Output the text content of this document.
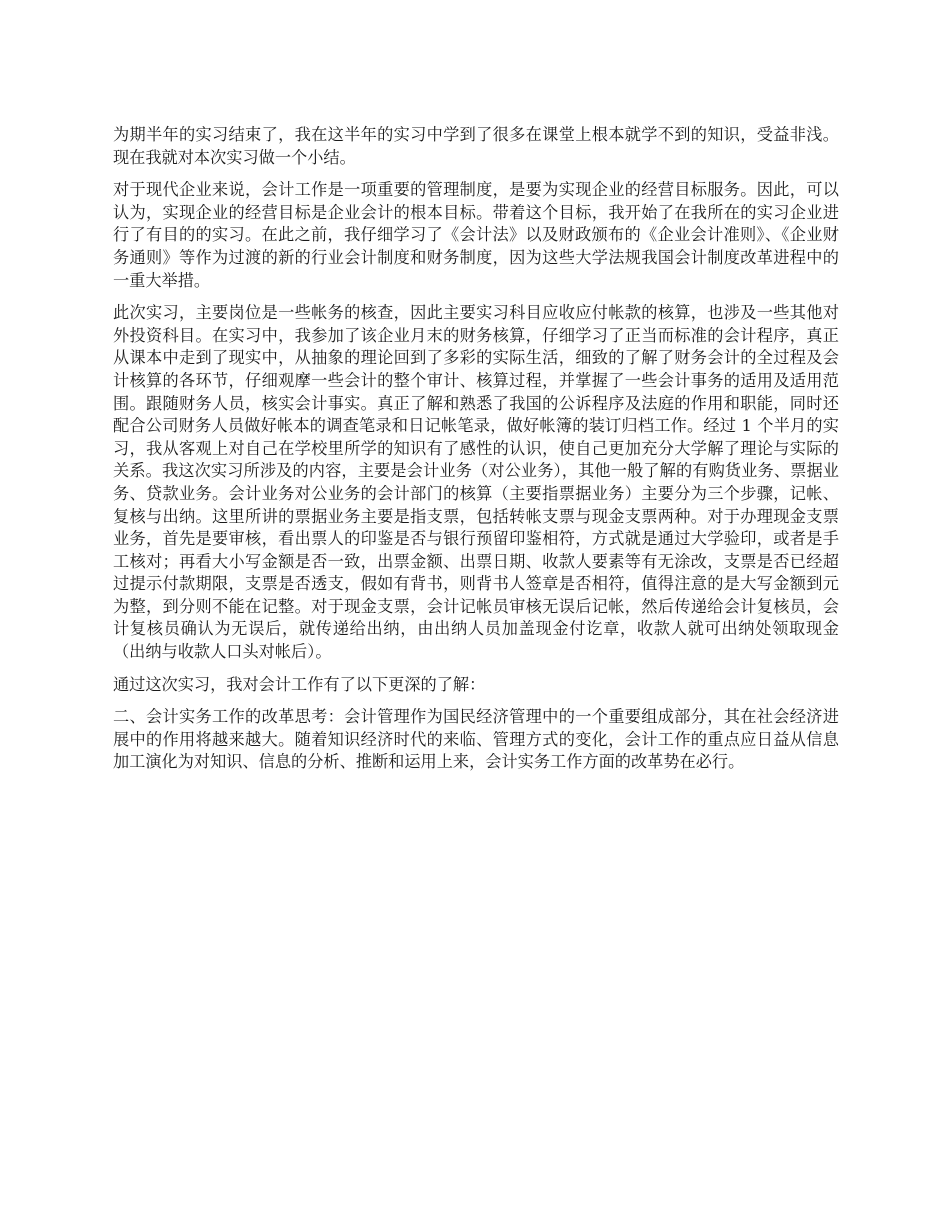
为期半年的实习结束了，我在这半年的实习中学到了很多在课堂上根本就学不到的知识，受益非浅。现在我就对本次实习做一个小结。

对于现代企业来说，会计工作是一项重要的管理制度，是要为实现企业的经营目标服务。因此，可以认为，实现企业的经营目标是企业会计的根本目标。带着这个目标，我开始了在我所在的实习企业进行了有目的的实习。在此之前，我仔细学习了《会计法》以及财政颁布的《企业会计准则》、《企业财务通则》等作为过渡的新的行业会计制度和财务制度，因为这些大学法规我国会计制度改革进程中的一重大举措。

此次实习，主要岗位是一些帐务的核查，因此主要实习科目应收应付帐款的核算，也涉及一些其他对外投资科目。在实习中，我参加了该企业月末的财务核算，仔细学习了正当而标准的会计程序，真正从课本中走到了现实中，从抽象的理论回到了多彩的实际生活，细致的了解了财务会计的全过程及会计核算的各环节，仔细观摩一些会计的整个审计、核算过程，并掌握了一些会计事务的适用及适用范围。跟随财务人员，核实会计事实。真正了解和熟悉了我国的公诉程序及法庭的作用和职能，同时还配合公司财务人员做好帐本的调查笔录和日记帐笔录，做好帐簿的装订归档工作。经过 1 个半月的实习，我从客观上对自己在学校里所学的知识有了感性的认识，使自己更加充分大学解了理论与实际的关系。我这次实习所涉及的内容，主要是会计业务（对公业务），其他一般了解的有购货业务、票据业务、贷款业务。会计业务对公业务的会计部门的核算（主要指票据业务）主要分为三个步骤，记帐、复核与出纳。这里所讲的票据业务主要是指支票，包括转帐支票与现金支票两种。对于办理现金支票业务，首先是要审核，看出票人的印鉴是否与银行预留印鉴相符，方式就是通过大学验印，或者是手工核对；再看大小写金额是否一致，出票金额、出票日期、收款人要素等有无涂改，支票是否已经超过提示付款期限，支票是否透支，假如有背书，则背书人签章是否相符，值得注意的是大写金额到元为整，到分则不能在记整。对于现金支票，会计记帐员审核无误后记帐，然后传递给会计复核员，会计复核员确认为无误后，就传递给出纳，由出纳人员加盖现金付讫章，收款人就可出纳处领取现金（出纳与收款人口头对帐后）。

通过这次实习，我对会计工作有了以下更深的了解：

二、会计实务工作的改革思考：会计管理作为国民经济管理中的一个重要组成部分，其在社会经济进展中的作用将越来越大。随着知识经济时代的来临、管理方式的变化，会计工作的重点应日益从信息加工演化为对知识、信息的分析、推断和运用上来，会计实务工作方面的改革势在必行。
